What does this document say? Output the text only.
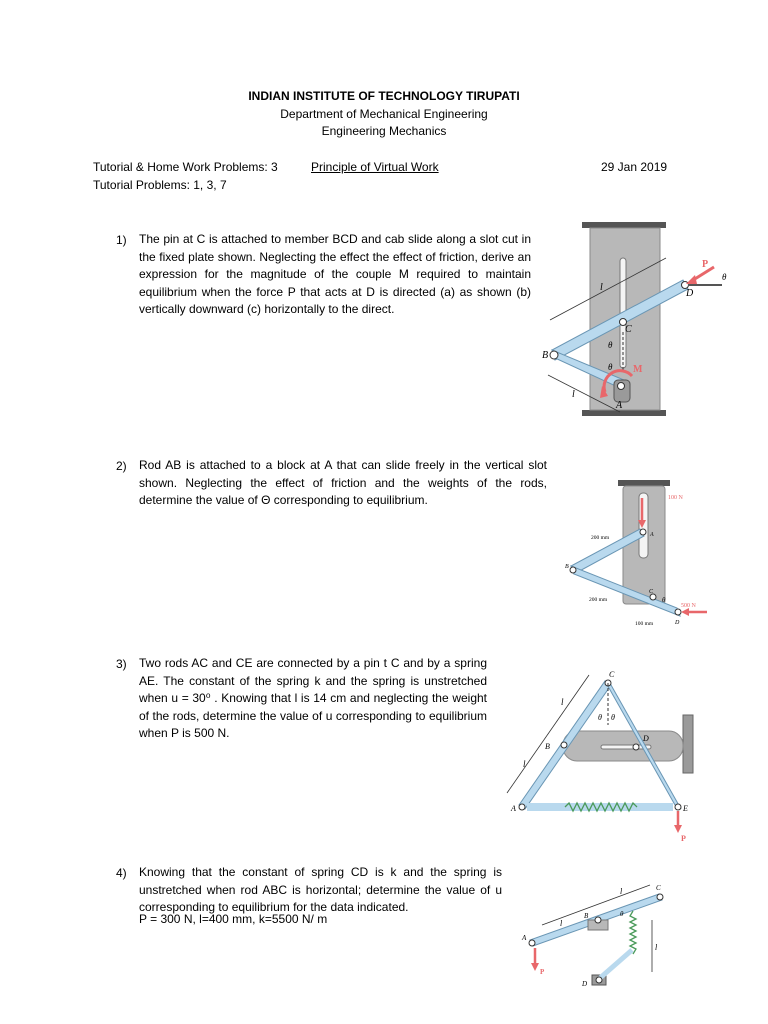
INDIAN INSTITUTE OF TECHNOLOGY TIRUPATI
Department of Mechanical Engineering
Engineering Mechanics
Tutorial & Home Work Problems: 3	Principle of Virtual Work	29 Jan 2019
Tutorial Problems: 1, 3, 7
1) The pin at C is attached to member BCD and cab slide along a slot cut in the fixed plate shown. Neglecting the effect the effect of friction, derive an expression for the magnitude of the couple M required to maintain equilibrium when the force P that acts at D is directed (a) as shown (b) vertically downward (c) horizontally to the direct.
2) Rod AB is attached to a block at A that can slide freely in the vertical slot shown. Neglecting the effect of friction and the weights of the rods, determine the value of Θ corresponding to equilibrium.
3) Two rods AC and CE are connected by a pin t C and by a spring AE. The constant of the spring k and the spring is unstretched when u = 30⁰ . Knowing that l is 14 cm and neglecting the weight of the rods, determine the value of u corresponding to equilibrium when P is 500 N.
4) Knowing that the constant of spring CD is k and the spring is unstretched when rod ABC is horizontal; determine the value of u corresponding to equilibrium for the data indicated.
P = 300 N, l=400 mm, k=5500 N/ m
P
D
C
B
A
M
l
l
θ
θ
θ
100 N
500 N
200 mm
200 mm
100 mm
A
B
C
D
θ
A
B
C
D
E
P
l
l
θ θ
A
B
C
D
P
l
l
l
θ
